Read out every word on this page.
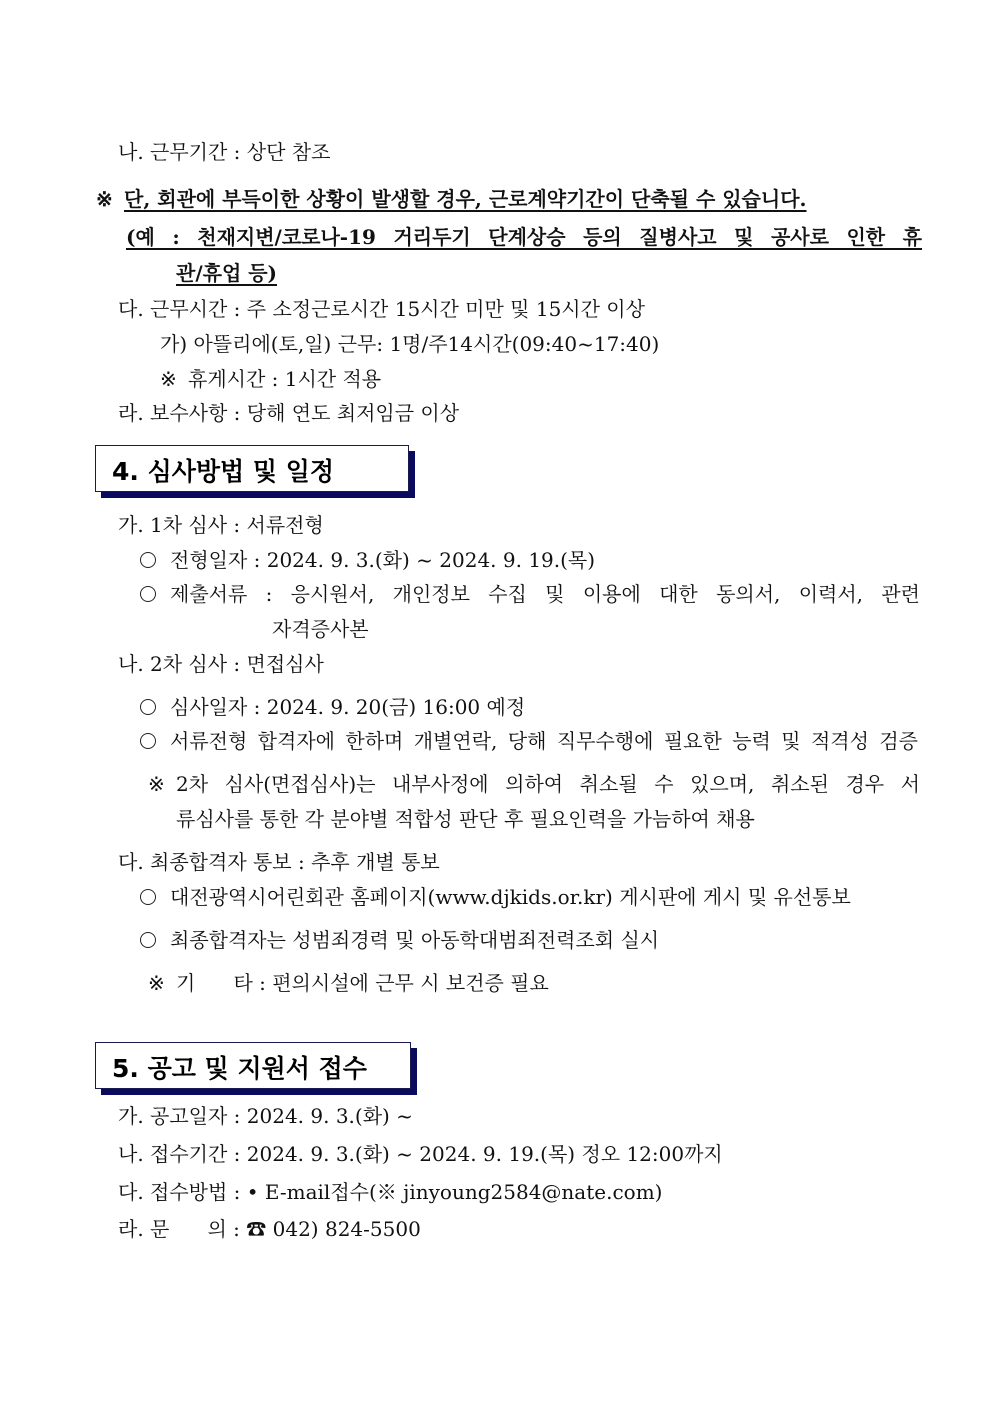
나. 근무기간 : 상단 참조
※ 단, 회관에 부득이한 상황이 발생할 경우, 근로계약기간이 단축될 수 있습니다.
(예 : 천재지변/코로나-19 거리두기 단계상승 등의 질병사고 및 공사로 인한 휴
관/휴업 등)
다. 근무시간 : 주 소정근로시간 15시간 미만 및 15시간 이상
가) 아뜰리에(토,일) 근무: 1명/주14시간(09:40~17:40)
※ 휴게시간 : 1시간 적용
라. 보수사항 : 당해 연도 최저임금 이상
4. 심사방법 및 일정
가. 1차 심사 : 서류전형
전형일자 : 2024. 9. 3.(화) ~ 2024. 9. 19.(목)
제출서류 : 응시원서, 개인정보 수집 및 이용에 대한 동의서, 이력서, 관련
자격증사본
나. 2차 심사 : 면접심사
심사일자 : 2024. 9. 20(금) 16:00 예정
서류전형 합격자에 한하며 개별연락, 당해 직무수행에 필요한 능력 및 적격성 검증
※ 2차 심사(면접심사)는 내부사정에 의하여 취소될 수 있으며, 취소된 경우 서
류심사를 통한 각 분야별 적합성 판단 후 필요인력을 가늠하여 채용
다. 최종합격자 통보 : 추후 개별 통보
대전광역시어린회관 홈페이지(www.djkids.or.kr) 게시판에 게시 및 유선통보
최종합격자는 성범죄경력 및 아동학대범죄전력조회 실시
※ 기      타 : 편의시설에 근무 시 보건증 필요
5. 공고 및 지원서 접수
가. 공고일자 : 2024. 9. 3.(화) ~
나. 접수기간 : 2024. 9. 3.(화) ~ 2024. 9. 19.(목) 정오 12:00까지
다. 접수방법 : • E-mail접수(※ jinyoung2584@nate.com)
라. 문      의 : ☎ 042) 824-5500
